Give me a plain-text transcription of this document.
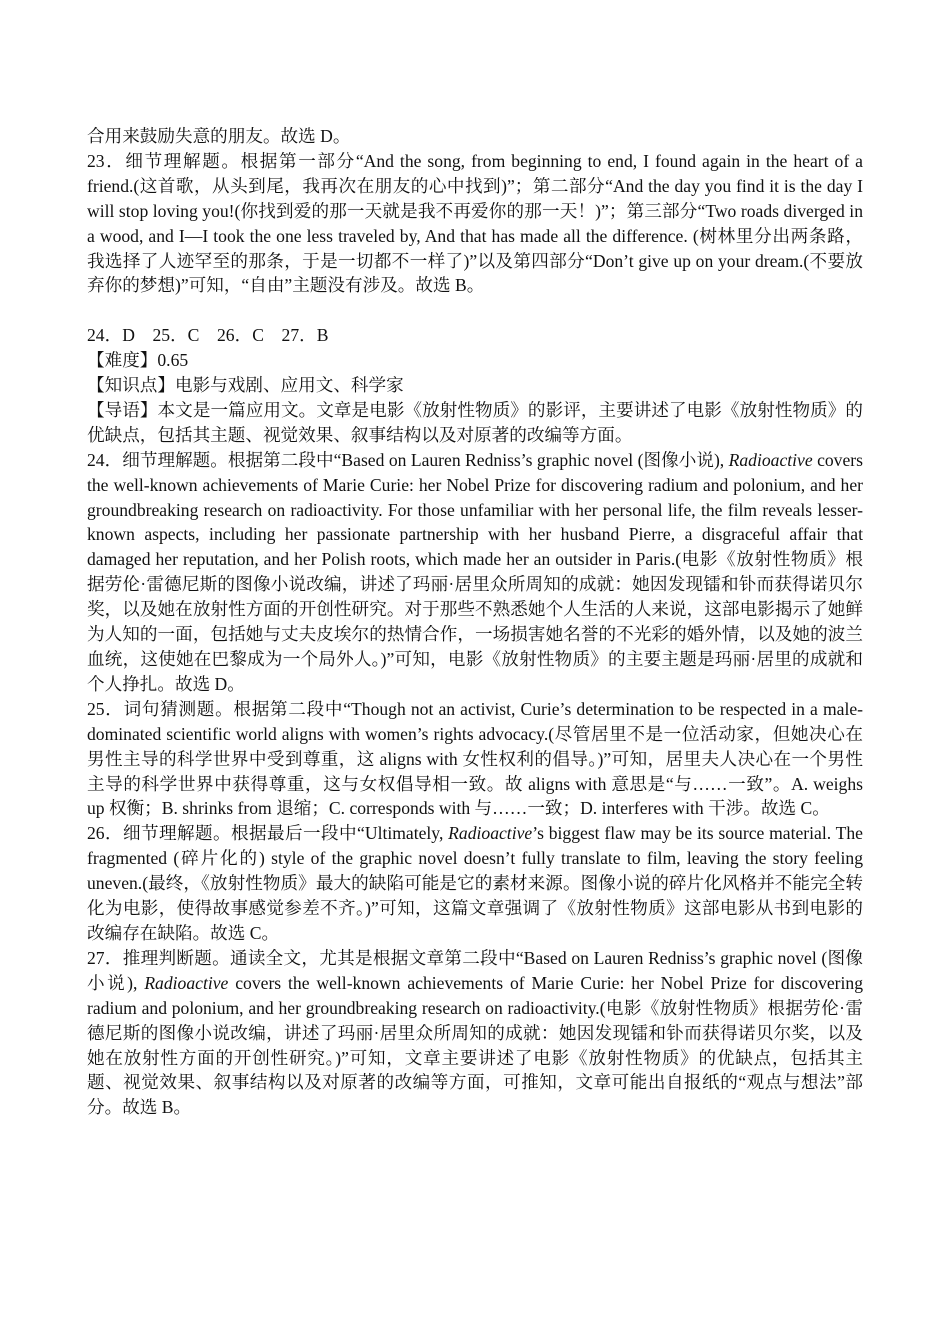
合用来鼓励失意的朋友。故选 D。

23．细节理解题。根据第一部分“And the song, from beginning to end, I found again in the heart of a friend.(这首歌，从头到尾，我再次在朋友的心中找到)”；第二部分“And the day you find it is the day I will stop loving you!(你找到爱的那一天就是我不再爱你的那一天！)”；第三部分“Two roads diverged in a wood, and I—I took the one less traveled by, And that has made all the difference. (树林里分出两条路，我选择了人迹罕至的那条，于是一切都不一样了)”以及第四部分“Don’t give up on your dream.(不要放弃你的梦想)”可知，“自由”主题没有涉及。故选 B。

24．D　25．C　26．C　27．B

【难度】0.65

【知识点】电影与戏剧、应用文、科学家

【导语】本文是一篇应用文。文章是电影《放射性物质》的影评，主要讲述了电影《放射性物质》的优缺点，包括其主题、视觉效果、叙事结构以及对原著的改编等方面。

24．细节理解题。根据第二段中“Based on Lauren Redniss’s graphic novel (图像小说), Radioactive covers the well-known achievements of Marie Curie: her Nobel Prize for discovering radium and polonium, and her groundbreaking research on radioactivity. For those unfamiliar with her personal life, the film reveals lesser-known aspects, including her passionate partnership with her husband Pierre, a disgraceful affair that damaged her reputation, and her Polish roots, which made her an outsider in Paris.(电影《放射性物质》根据劳伦·雷德尼斯的图像小说改编，讲述了玛丽·居里众所周知的成就：她因发现镭和钋而获得诺贝尔奖，以及她在放射性方面的开创性研究。对于那些不熟悉她个人生活的人来说，这部电影揭示了她鲜为人知的一面，包括她与丈夫皮埃尔的热情合作，一场损害她名誉的不光彩的婚外情，以及她的波兰血统，这使她在巴黎成为一个局外人。)”可知，电影《放射性物质》的主要主题是玛丽·居里的成就和个人挣扎。故选 D。

25．词句猜测题。根据第二段中“Though not an activist, Curie’s determination to be respected in a male-dominated scientific world aligns with women’s rights advocacy.(尽管居里不是一位活动家，但她决心在男性主导的科学世界中受到尊重，这 aligns with 女性权利的倡导。)”可知，居里夫人决心在一个男性主导的科学世界中获得尊重，这与女权倡导相一致。故 aligns with 意思是“与……一致”。A. weighs up 权衡；B. shrinks from 退缩；C. corresponds with 与……一致；D. interferes with 干涉。故选 C。

26．细节理解题。根据最后一段中“Ultimately, Radioactive’s biggest flaw may be its source material. The fragmented (碎片化的) style of the graphic novel doesn’t fully translate to film, leaving the story feeling uneven.(最终，《放射性物质》最大的缺陷可能是它的素材来源。图像小说的碎片化风格并不能完全转化为电影，使得故事感觉参差不齐。)”可知，这篇文章强调了《放射性物质》这部电影从书到电影的改编存在缺陷。故选 C。

27．推理判断题。通读全文，尤其是根据文章第二段中“Based on Lauren Redniss’s graphic novel (图像小说), Radioactive covers the well-known achievements of Marie Curie: her Nobel Prize for discovering radium and polonium, and her groundbreaking research on radioactivity.(电影《放射性物质》根据劳伦·雷德尼斯的图像小说改编，讲述了玛丽·居里众所周知的成就：她因发现镭和钋而获得诺贝尔奖，以及她在放射性方面的开创性研究。)”可知，文章主要讲述了电影《放射性物质》的优缺点，包括其主题、视觉效果、叙事结构以及对原著的改编等方面，可推知，文章可能出自报纸的“观点与想法”部分。故选 B。
